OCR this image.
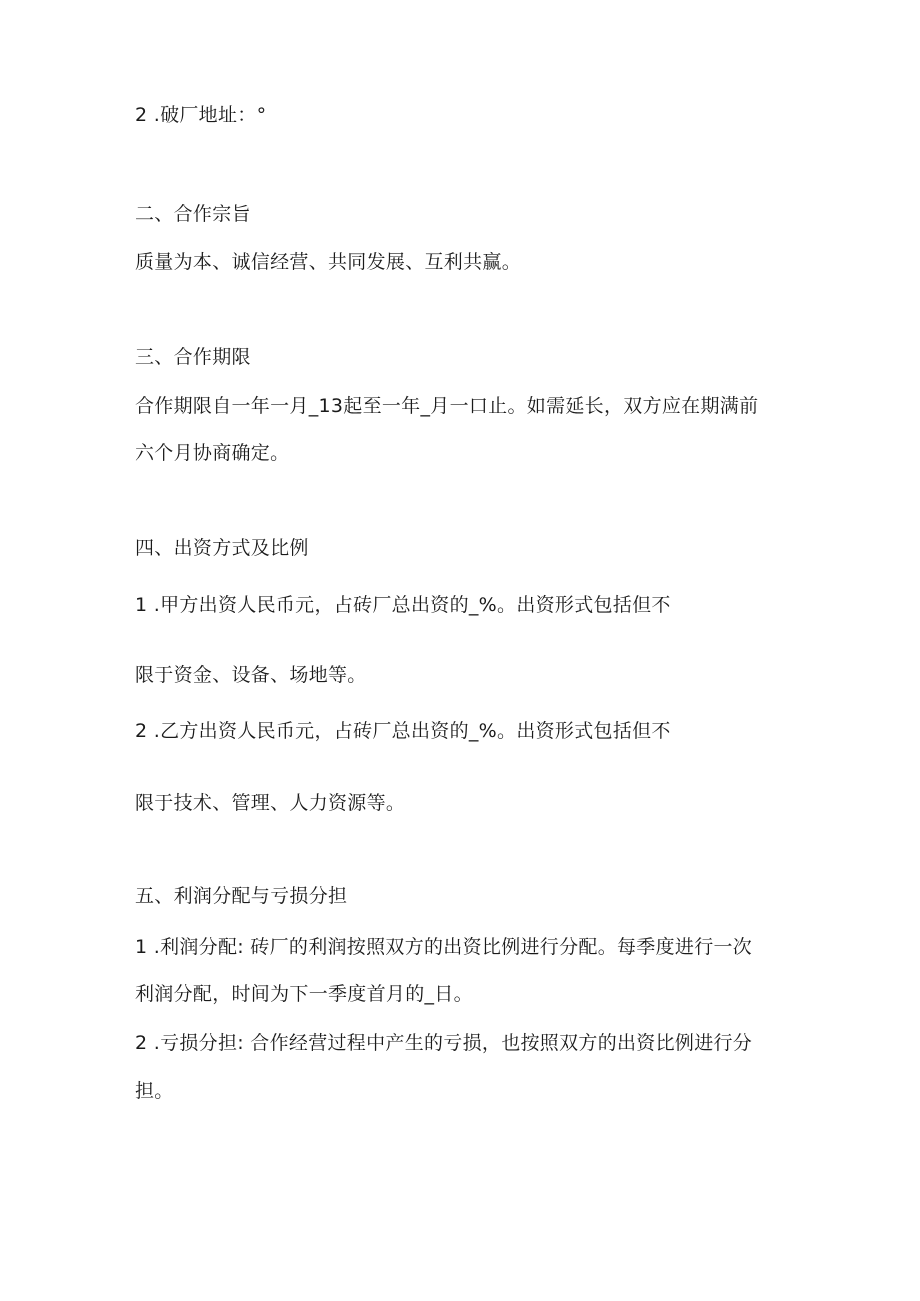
2 .破厂地址：°
二、合作宗旨
质量为本、诚信经营、共同发展、互利共赢。
三、合作期限
合作期限自一年一月_13起至一年_月一口止。如需延长，双方应在期满前
六个月协商确定。
四、出资方式及比例
1 .甲方出资人民币元，占砖厂总出资的_%。出资形式包括但不
限于资金、设备、场地等。
2 .乙方出资人民币元，占砖厂总出资的_%。出资形式包括但不
限于技术、管理、人力资源等。
五、利润分配与亏损分担
1 .利润分配: 砖厂的利润按照双方的出资比例进行分配。每季度进行一次
利润分配，时间为下一季度首月的_日。
2 .亏损分担: 合作经营过程中产生的亏损，也按照双方的出资比例进行分
担。
